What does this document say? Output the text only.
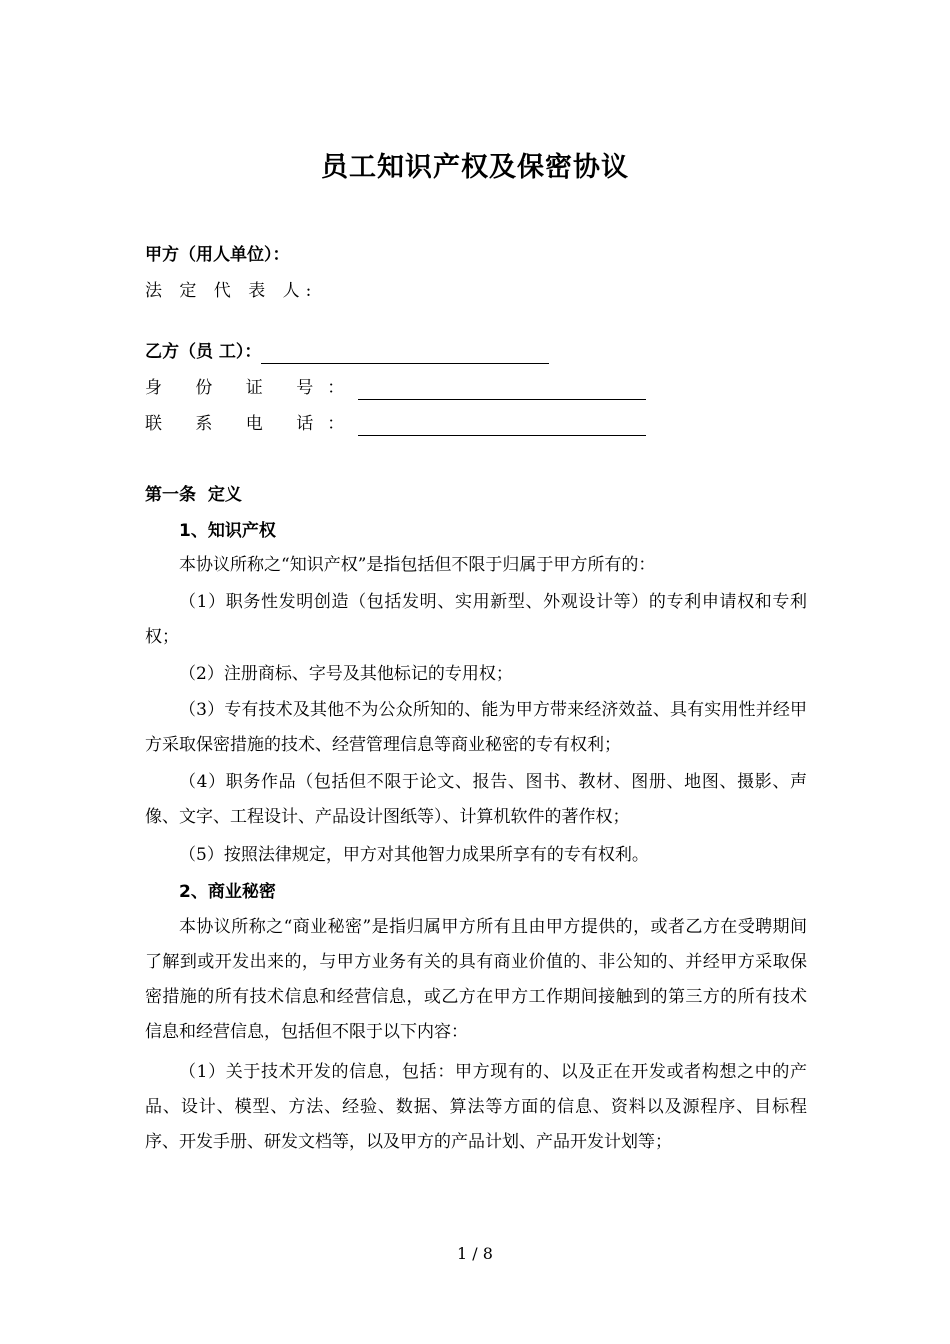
员工知识产权及保密协议
甲方（用人单位）：
法 定 代 表 人:
乙方（员 工）：
身 份 证 号：
联 系 电 话：
第一条  定义
1、知识产权
本协议所称之“知识产权”是指包括但不限于归属于甲方所有的：
（1）职务性发明创造（包括发明、实用新型、外观设计等）的专利申请权和专利权；
（2）注册商标、字号及其他标记的专用权；
（3）专有技术及其他不为公众所知的、能为甲方带来经济效益、具有实用性并经甲方采取保密措施的技术、经营管理信息等商业秘密的专有权利；
（4）职务作品（包括但不限于论文、报告、图书、教材、图册、地图、摄影、声像、文字、工程设计、产品设计图纸等）、计算机软件的著作权；
（5）按照法律规定，甲方对其他智力成果所享有的专有权利。
2、商业秘密
本协议所称之“商业秘密”是指归属甲方所有且由甲方提供的，或者乙方在受聘期间了解到或开发出来的，与甲方业务有关的具有商业价值的、非公知的、并经甲方采取保密措施的所有技术信息和经营信息，或乙方在甲方工作期间接触到的第三方的所有技术信息和经营信息，包括但不限于以下内容：
（1）关于技术开发的信息，包括：甲方现有的、以及正在开发或者构想之中的产品、设计、模型、方法、经验、数据、算法等方面的信息、资料以及源程序、目标程序、开发手册、研发文档等，以及甲方的产品计划、产品开发计划等；
1 / 8
